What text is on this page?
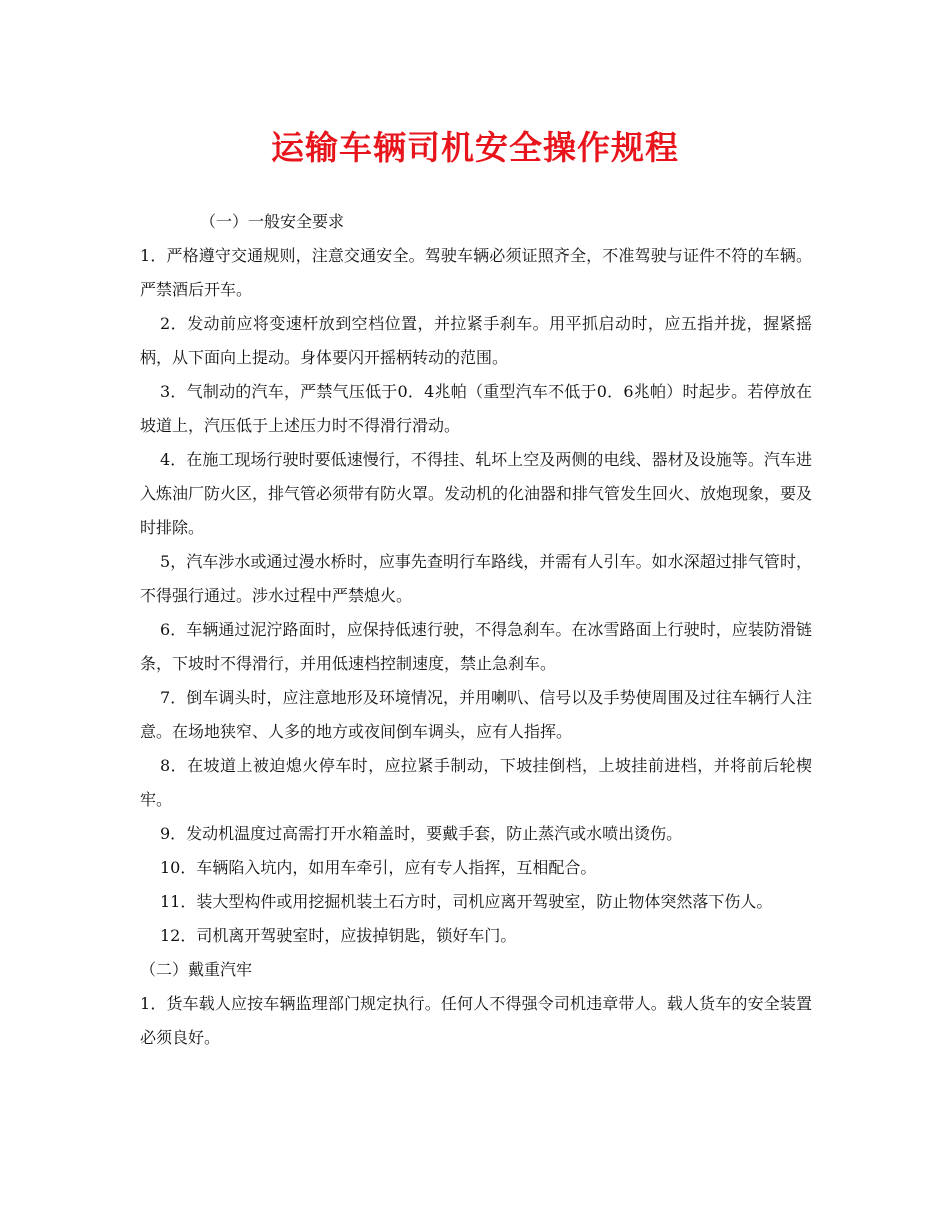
运输车辆司机安全操作规程

（一）一般安全要求

1．严格遵守交通规则，注意交通安全。驾驶车辆必须证照齐全，不准驾驶与证件不符的车辆。严禁酒后开车。

2．发动前应将变速杆放到空档位置，并拉紧手刹车。用平抓启动时，应五指并拢，握紧摇柄，从下面向上提动。身体要闪开摇柄转动的范围。

3．气制动的汽车，严禁气压低于0．4兆帕（重型汽车不低于0．6兆帕）时起步。若停放在坡道上，汽压低于上述压力时不得滑行滑动。

4．在施工现场行驶时要低速慢行，不得挂、轧坏上空及两侧的电线、器材及设施等。汽车进入炼油厂防火区，排气管必须带有防火罩。发动机的化油器和排气管发生回火、放炮现象，要及时排除。

5，汽车涉水或通过漫水桥时，应事先查明行车路线，并需有人引车。如水深超过排气管时，不得强行通过。涉水过程中严禁熄火。

6．车辆通过泥泞路面时，应保持低速行驶，不得急刹车。在冰雪路面上行驶时，应装防滑链条，下坡时不得滑行，并用低速档控制速度，禁止急刹车。

7．倒车调头时，应注意地形及环境情况，并用喇叭、信号以及手势使周围及过往车辆行人注意。在场地狭窄、人多的地方或夜间倒车调头，应有人指挥。

8．在坡道上被迫熄火停车时，应拉紧手制动，下坡挂倒档，上坡挂前进档，并将前后轮楔牢。

9．发动机温度过高需打开水箱盖时，要戴手套，防止蒸汽或水喷出烫伤。

10．车辆陷入坑内，如用车牵引，应有专人指挥，互相配合。

11．装大型构件或用挖掘机装土石方时，司机应离开驾驶室，防止物体突然落下伤人。

12．司机离开驾驶室时，应拔掉钥匙，锁好车门。

（二）戴重汽牢

1．货车载人应按车辆监理部门规定执行。任何人不得强令司机违章带人。载人货车的安全装置必须良好。
